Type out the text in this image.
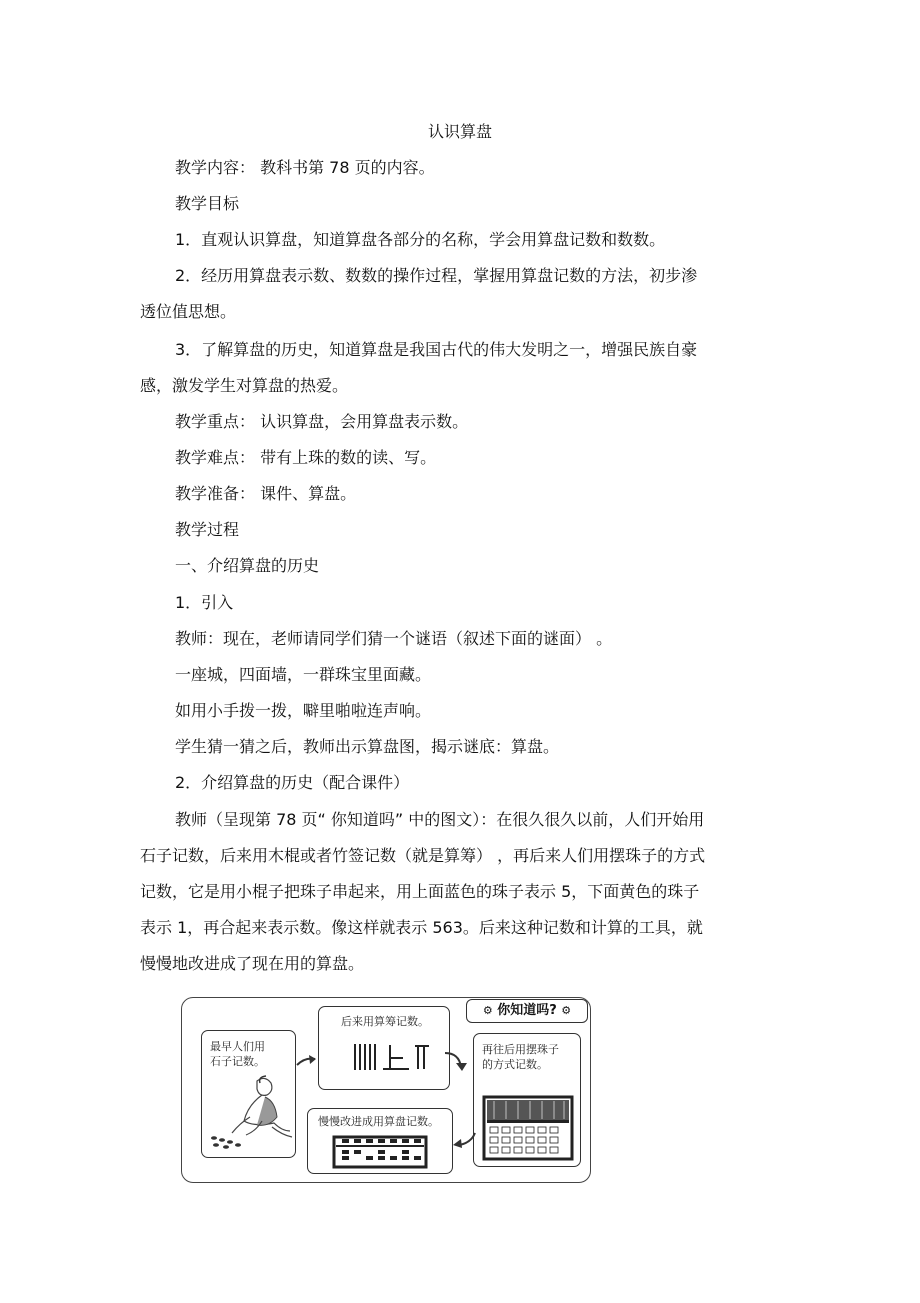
认识算盘

教学内容： 教科书第 78 页的内容。

教学目标

1．直观认识算盘，知道算盘各部分的名称，学会用算盘记数和数数。

2．经历用算盘表示数、数数的操作过程，掌握用算盘记数的方法，初步渗

透位值思想。

3．了解算盘的历史，知道算盘是我国古代的伟大发明之一，增强民族自豪

感，激发学生对算盘的热爱。

教学重点： 认识算盘，会用算盘表示数。

教学难点： 带有上珠的数的读、写。

教学准备： 课件、算盘。

教学过程

一、介绍算盘的历史

1．引入

教师：现在，老师请同学们猜一个谜语（叙述下面的谜面） 。

一座城，四面墙，一群珠宝里面藏。

如用小手拨一拨，噼里啪啦连声响。

学生猜一猜之后，教师出示算盘图，揭示谜底：算盘。

2．介绍算盘的历史（配合课件）

教师（呈现第 78 页“ 你知道吗” 中的图文）：在很久很久以前，人们开始用

石子记数，后来用木棍或者竹签记数（就是算筹） ，再后来人们用摆珠子的方式

记数，它是用小棍子把珠子串起来，用上面蓝色的珠子表示 5，下面黄色的珠子

表示 1，再合起来表示数。像这样就表示 563。后来这种记数和计算的工具，就

慢慢地改进成了现在用的算盘。

⚙ 你知道吗? ⚙
最早人们用
石子记数。
后来用算筹记数。
再往后用摆珠子
的方式记数。
慢慢改进成用算盘记数。
